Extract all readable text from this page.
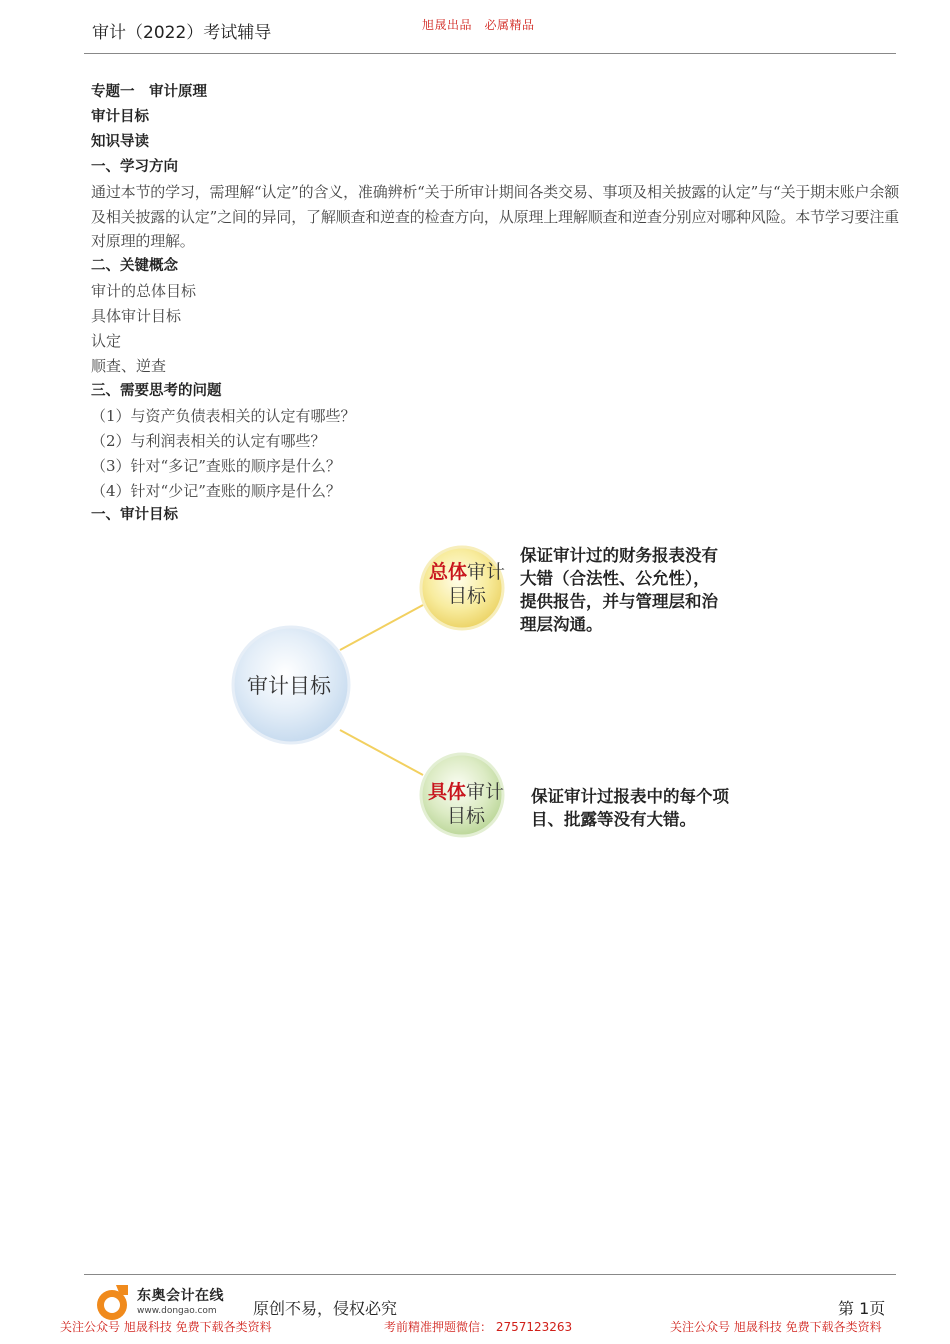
审计（2022）考试辅导	旭晟出品　必属精品
专题一　审计原理
审计目标
知识导读
一、学习方向
通过本节的学习，需理解“认定”的含义，准确辨析“关于所审计期间各类交易、事项及相关披露的认定”与“关于期末账户余额及相关披露的认定”之间的异同，了解顺查和逆查的检查方向，从原理上理解顺查和逆查分别应对哪种风险。本节学习要注重对原理的理解。
二、关键概念
审计的总体目标
具体审计目标
认定
顺查、逆查
三、需要思考的问题
（1）与资产负债表相关的认定有哪些？
（2）与利润表相关的认定有哪些？
（3）针对“多记”查账的顺序是什么？
（4）针对“少记”查账的顺序是什么？
一、审计目标
审计目标
总体审计
目标
具体审计
目标
保证审计过的财务报表没有
大错（合法性、公允性），
提供报告，并与管理层和治
理层沟通。
保证审计过报表中的每个项
目、批露等没有大错。
东奥会计在线
www.dongao.com 原创不易，侵权必究	第 1页
关注公众号 旭晟科技 免费下载各类资料	考前精准押题微信： 2757123263	关注公众号 旭晟科技 免费下载各类资料
